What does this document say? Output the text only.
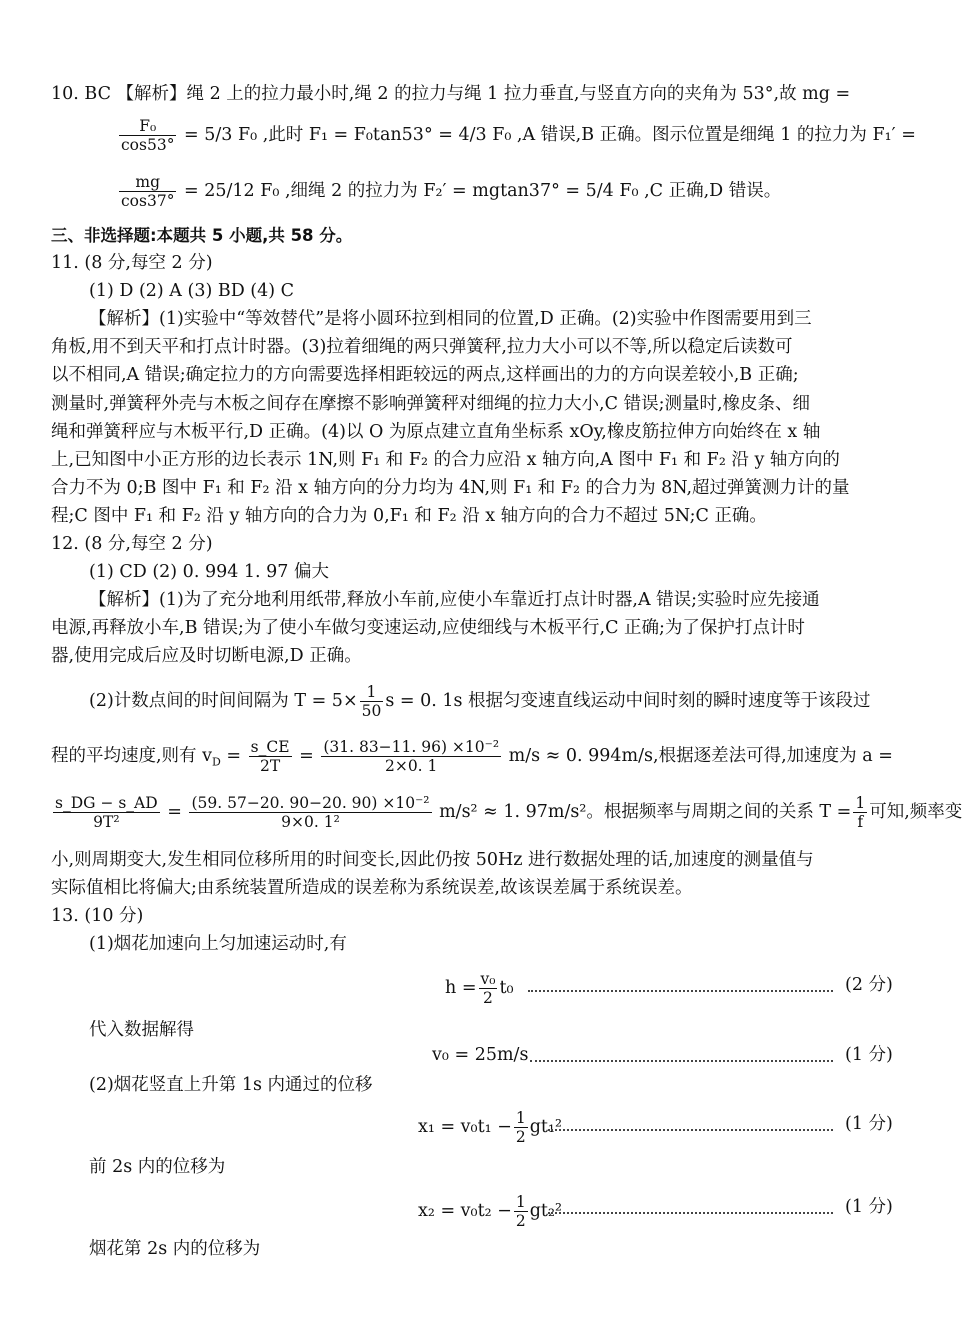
10. BC 【解析】绳 2 上的拉力最小时,绳 2 的拉力与绳 1 拉力垂直,与竖直方向的夹角为 53°,故 mg =
$\frac{\text{F₀}}{\cos 53^\circ} = 5/3$ F₀ ,此时 F₁ = F₀tan53° = 4/3 F₀ ,A 错误,B 正确。图示位置是细绳 1 的拉力为 F₁′ =
$\frac{mg}{\cos 37^\circ} = 25/12$ F₀ ,细绳 2 的拉力为 F₂′ = mgtan37° = 5/4 F₀ ,C 正确,D 错误。
三、非选择题:本题共 5 小题,共 58 分。
11. (8 分,每空 2 分)
(1) D (2) A (3) BD (4) C
【解析】(1)实验中“等效替代”是将小圆环拉到相同的位置,D 正确。(2)实验中作图需要用到三
角板,用不到天平和打点计时器。(3)拉着细绳的两只弹簧秤,拉力大小可以不等,所以稳定后读数可
以不相同,A 错误;确定拉力的方向需要选择相距较远的两点,这样画出的力的方向误差较小,B 正确;
测量时,弹簧秤外壳与木板之间存在摩擦不影响弹簧秤对细绳的拉力大小,C 错误;测量时,橡皮条、细
绳和弹簧秤应与木板平行,D 正确。(4)以 O 为原点建立直角坐标系 xOy,橡皮筋拉伸方向始终在 x 轴
上,已知图中小正方形的边长表示 1N,则 F₁ 和 F₂ 的合力应沿 x 轴方向,A 图中 F₁ 和 F₂ 沿 y 轴方向的
合力不为 0;B 图中 F₁ 和 F₂ 沿 x 轴方向的分力均为 4N,则 F₁ 和 F₂ 的合力为 8N,超过弹簧测力计的量
程;C 图中 F₁ 和 F₂ 沿 y 轴方向的合力为 0,F₁ 和 F₂ 沿 x 轴方向的合力不超过 5N;C 正确。
12. (8 分,每空 2 分)
(1) CD (2) 0. 994 1. 97 偏大
【解析】(1)为了充分地利用纸带,释放小车前,应使小车靠近打点计时器,A 错误;实验时应先接通
电源,再释放小车,B 错误;为了使小车做匀变速运动,应使细线与木板平行,C 正确;为了保护打点计时
器,使用完成后应及时切断电源,D 正确。
(2)计数点间的时间间隔为 $T = 5\times \frac{1}{50}$ s = 0. 1s 根据匀变速直线运动中间时刻的瞬时速度等于该段过
程的平均速度,则有 $v_D = \frac{s\_CE}{2T} = \frac{\text{(31. 83−11. 96) ×10⁻²}}{2\times 0. 1} m/s \approx 0$. 994m/s,根据逐差法可得,加速度为 a =
$\frac{s\_DG - s\_AD}{\text{9T²}} = \frac{\text{(59. 57−20. 90−20. 90) ×10⁻²}}{\text{9×0. 1²}} m/s^2 \approx 1$. 97m/s²。根据频率与周期之间的关系 $T = \frac{1}{f}$ 可知,频率变
小,则周期变大,发生相同位移所用的时间变长,因此仍按 50Hz 进行数据处理的话,加速度的测量值与
实际值相比将偏大;由系统装置所造成的误差称为系统误差,故该误差属于系统误差。
13. (10 分)
(1)烟花加速向上匀加速运动时,有
$h = \frac{\text{v₀}}{2} t_0$	(2 分)
代入数据解得
v₀ = 25m/s	(1 分)
(2)烟花竖直上升第 1s 内通过的位移
$x_1 = v_0t_1 - \frac{1}{2} gt_1^2$	(1 分)
前 2s 内的位移为
$x_2 = v_0t_2 - \frac{1}{2} gt_2^2$	(1 分)
烟花第 2s 内的位移为
